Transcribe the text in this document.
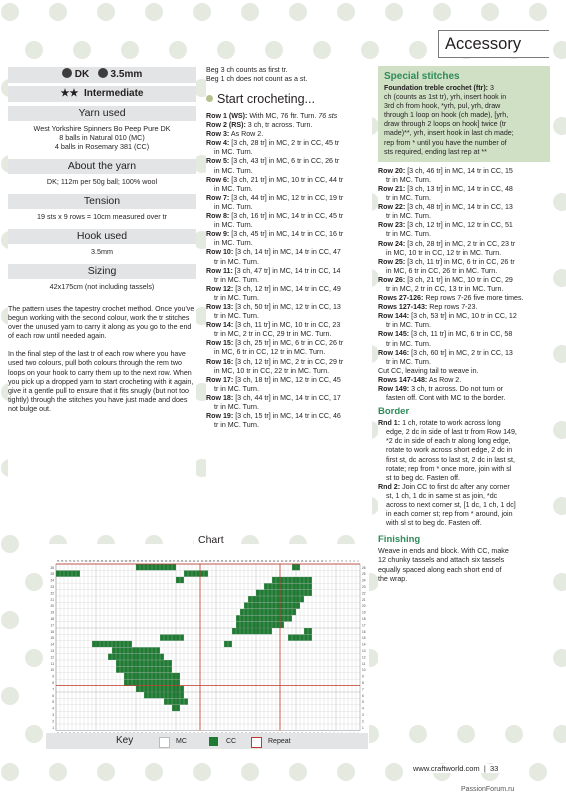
Accessory
DK 3.5mm
★★ Intermediate
Yarn used

West Yorkshire Spinners Bo Peep Pure DK

8 balls in Natural 010 (MC)

4 balls in Rosemary 381 (CC)

About the yarn

DK; 112m per 50g ball; 100% wool

Tension

19 sts x 9 rows = 10cm measured over tr

Hook used

3.5mm

Sizing

42x175cm (not including tassels)

The pattern uses the tapestry crochet method. Once you've begun working with the second colour, work the tr stitches over the unused yarn to carry it along as you go to the end of each row until needed again.

In the final step of the last tr of each row where you have used two colours, pull both colours through the rem two loops on your hook to carry them up to the next row. When you pick up a dropped yarn to start crocheting with it again, give it a gentle pull to ensure that it fits snugly (but not too tightly) through the stitches you have just made and does not bulge out.

Beg 3 ch counts as first tr.
Beg 1 ch does not count as a st.
Start crocheting...
Row 1 (WS): With MC, 76 ftr. Turn. 76 sts
Row 2 (RS): 3 ch, tr across. Turn.
Row 3: As Row 2.
Row 4: [3 ch, 28 tr] in MC, 2 tr in CC, 45 tr
in MC. Turn.
Row 5: [3 ch, 43 tr] in MC, 6 tr in CC, 26 tr
in MC. Turn.
Row 6: [3 ch, 21 tr] in MC, 10 tr in CC, 44 tr
in MC. Turn.
Row 7: [3 ch, 44 tr] in MC, 12 tr in CC, 19 tr
in MC. Turn.
Row 8: [3 ch, 16 tr] in MC, 14 tr in CC, 45 tr
in MC. Turn.
Row 9: [3 ch, 45 tr] in MC, 14 tr in CC, 16 tr
in MC. Turn.
Row 10: [3 ch, 14 tr] in MC, 14 tr in CC, 47
tr in MC. Turn.
Row 11: [3 ch, 47 tr] in MC, 14 tr in CC, 14
tr in MC. Turn.
Row 12: [3 ch, 12 tr] in MC, 14 tr in CC, 49
tr in MC. Turn.
Row 13: [3 ch, 50 tr] in MC, 12 tr in CC, 13
tr in MC. Turn.
Row 14: [3 ch, 11 tr] in MC, 10 tr in CC, 23
tr in MC, 2 tr in CC, 29 tr in MC. Turn.
Row 15: [3 ch, 25 tr] in MC, 6 tr in CC, 26 tr
in MC, 6 tr in CC, 12 tr in MC. Turn.
Row 16: [3 ch, 12 tr] in MC, 2 tr in CC, 29 tr
in MC, 10 tr in CC, 22 tr in MC. Turn.
Row 17: [3 ch, 18 tr] in MC, 12 tr in CC, 45
tr in MC. Turn.
Row 18: [3 ch, 44 tr] in MC, 14 tr in CC, 17
tr in MC. Turn.
Row 19: [3 ch, 15 tr] in MC, 14 tr in CC, 46
tr in MC. Turn.
Special stitches
Foundation treble crochet (ftr): 3
ch (counts as 1st tr), yrh, insert hook in
3rd ch from hook, *yrh, pul, yrh, draw
through 1 loop on hook (ch made), [yrh,
draw through 2 loops on hook] twice (tr
made)**, yrh, insert hook in last ch made;
rep from * until you have the number of
sts required, ending last rep at **
Row 20: [3 ch, 46 tr] in MC, 14 tr in CC, 15
tr in MC. Turn.
Row 21: [3 ch, 13 tr] in MC, 14 tr in CC, 48
tr in MC. Turn.
Row 22: [3 ch, 48 tr] in MC, 14 tr in CC, 13
tr in MC. Turn.
Row 23: [3 ch, 12 tr] in MC, 12 tr in CC, 51
tr in MC. Turn.
Row 24: [3 ch, 28 tr] in MC, 2 tr in CC, 23 tr
in MC, 10 tr in CC, 12 tr in MC. Turn.
Row 25: [3 ch, 11 tr] in MC, 6 tr in CC, 26 tr
in MC, 6 tr in CC, 26 tr in MC. Turn.
Row 26: [3 ch, 21 tr] in MC, 10 tr in CC, 29
tr in MC, 2 tr in CC, 13 tr in MC. Turn.
Rows 27-126: Rep rows 7-26 five more times.
Rows 127-143: Rep rows 7-23.
Row 144: [3 ch, 53 tr] in MC, 10 tr in CC, 12
tr in MC. Turn.
Row 145: [3 ch, 11 tr] in MC, 6 tr in CC, 58
tr in MC. Turn.
Row 146: [3 ch, 60 tr] in MC, 2 tr in CC, 13
tr in MC. Turn.
Cut CC, leaving tail to weave in.
Rows 147-148: As Row 2.
Row 149: 3 ch, tr across. Do not turn or
fasten off. Cont with MC to the border.
Border
Rnd 1: 1 ch, rotate to work across long
edge, 2 dc in side of last tr from Row 149,
*2 dc in side of each tr along long edge,
rotate to work across short edge, 2 dc in
first st, dc across to last st, 2 dc in last st,
rotate; rep from * once more, join with sl
st to beg dc. Fasten off.
Rnd 2: Join CC to first dc after any corner
st, 1 ch, 1 dc in same st as join, *dc
across to next corner st, [1 dc, 1 ch, 1 dc]
in each corner st; rep from * around, join
with sl st to beg dc. Fasten off.
Finishing
Weave in ends and block. With CC, make
12 chunky tassels and attach six tassels
equally spaced along each short end of
the wrap.
Chart
76 75 74 73 72 71 70 69 68 67 66 65 64 63 62 61 60 59 58 57 56 55 54 53 52 51 50 49 48 47 46 45 44 43 42 41 40 39 38 37 36 35 34 33 32 31 30 29 28 27 26 25 24 23 22 21 20 19 18 17 16 15 14 13 12 11 10 9	8	7	6	5	4	3	2	1
26	26
25	25
24	24
23	23
22	22
21	21
20	20
19	19
18	18
17	17
16	16
15	15
14	14
13	13
12	12
11	11
10	10
9	9
8	8
7	7
6	6
5	5
4	4
3	3
2	2
1	1
Key	MC	CC	Repeat
www.craftworld.com  |  33
PassionForum.ru
